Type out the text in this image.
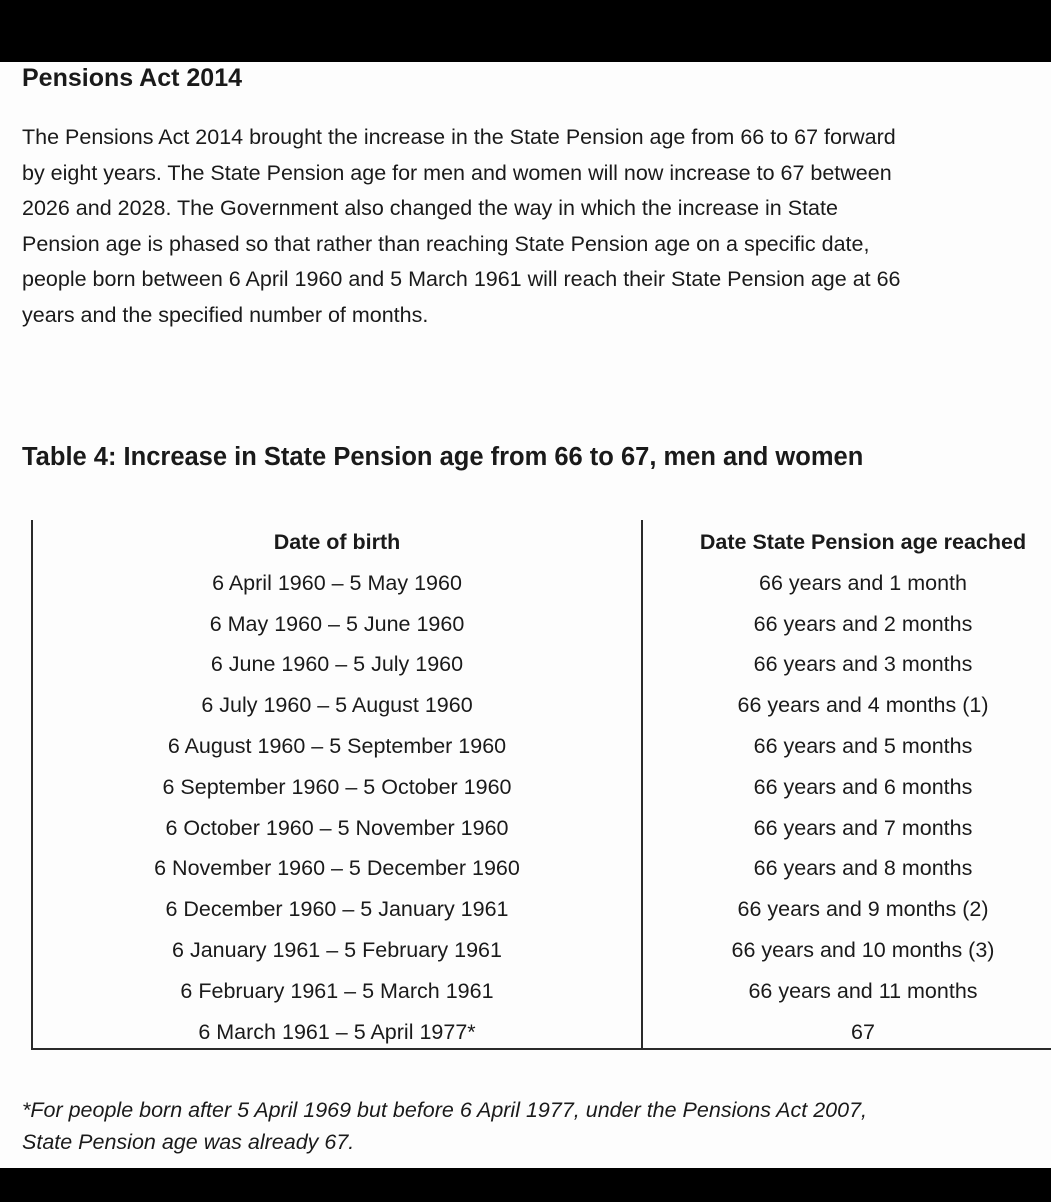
Pensions Act 2014

The Pensions Act 2014 brought the increase in the State Pension age from 66 to 67 forward by eight years. The State Pension age for men and women will now increase to 67 between 2026 and 2028. The Government also changed the way in which the increase in State Pension age is phased so that rather than reaching State Pension age on a specific date, people born between 6 April 1960 and 5 March 1961 will reach their State Pension age at 66 years and the specified number of months.

Table 4: Increase in State Pension age from 66 to 67, men and women
Date of birth
6 April 1960 – 5 May 1960
6 May 1960 – 5 June 1960
6 June 1960 – 5 July 1960
6 July 1960 – 5 August 1960
6 August 1960 – 5 September 1960
6 September 1960 – 5 October 1960
6 October 1960 – 5 November 1960
6 November 1960 – 5 December 1960
6 December 1960 – 5 January 1961
6 January 1961 – 5 February 1961
6 February 1961 – 5 March 1961
6 March 1961 – 5 April 1977*
Date State Pension age reached
66 years and 1 month
66 years and 2 months
66 years and 3 months
66 years and 4 months (1)
66 years and 5 months
66 years and 6 months
66 years and 7 months
66 years and 8 months
66 years and 9 months (2)
66 years and 10 months (3)
66 years and 11 months
67

*For people born after 5 April 1969 but before 6 April 1977, under the Pensions Act 2007, State Pension age was already 67.
